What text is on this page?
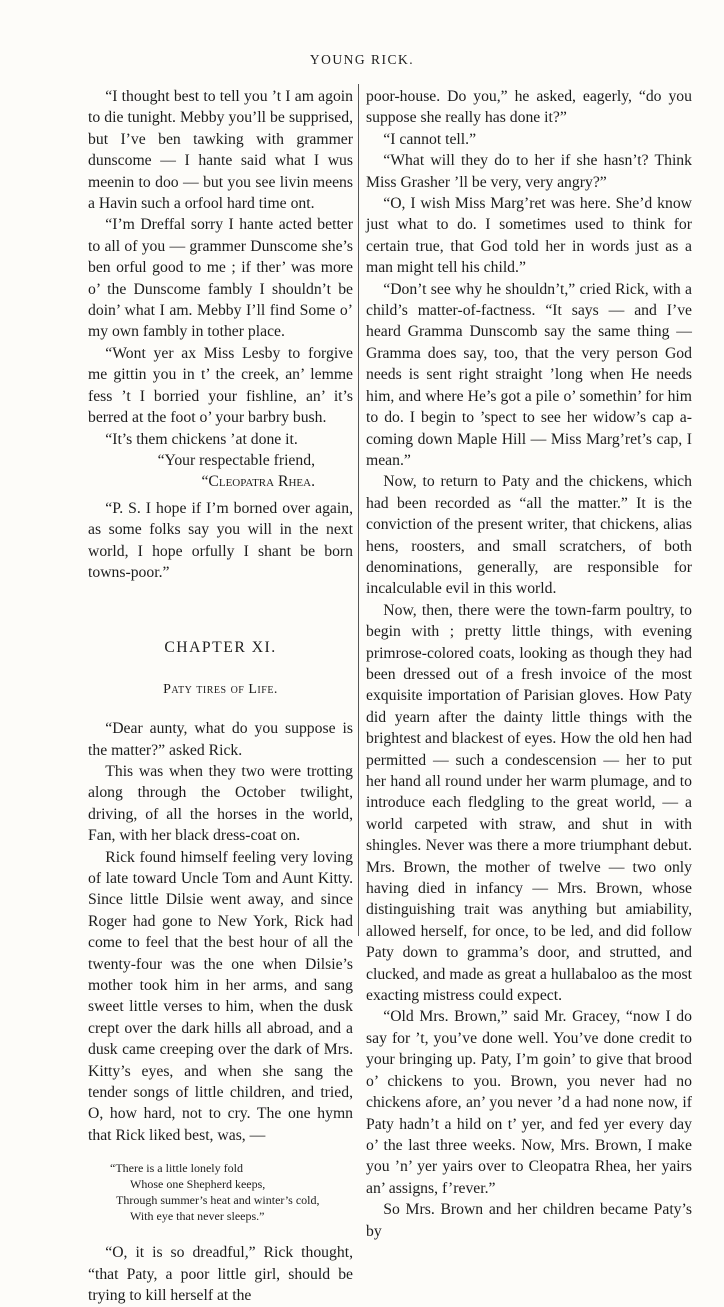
YOUNG RICK.

“I thought best to tell you ’t I am agoin to die tunight. Mebby you’ll be supprised, but I’ve ben tawking with grammer dunscome — I hante said what I wus meenin to doo — but you see livin meens a Havin such a orfool hard time ont.

“I’m Dreffal sorry I hante acted better to all of you — grammer Dunscome she’s ben orful good to me ; if ther’ was more o’ the Dunscome fambly I shouldn’t be doin’ what I am. Mebby I’ll find Some o’ my own fambly in tother place.

“Wont yer ax Miss Lesby to forgive me gittin you in t’ the creek, an’ lemme fess ’t I borried your fishline, an’ it’s berred at the foot o’ your barbry bush.

“It’s them chickens ’at done it.

“Your respectable friend,

“Cleopatra Rhea.

“P. S. I hope if I’m borned over again, as some folks say you will in the next world, I hope orfully I shant be born towns-poor.”

CHAPTER XI.

Paty tires of Life.

“Dear aunty, what do you suppose is the matter?” asked Rick.

This was when they two were trotting along through the October twilight, driving, of all the horses in the world, Fan, with her black dress-coat on.

Rick found himself feeling very loving of late toward Uncle Tom and Aunt Kitty. Since little Dilsie went away, and since Roger had gone to New York, Rick had come to feel that the best hour of all the twenty-four was the one when Dilsie’s mother took him in her arms, and sang sweet little verses to him, when the dusk crept over the dark hills all abroad, and a dusk came creeping over the dark of Mrs. Kitty’s eyes, and when she sang the tender songs of little children, and tried, O, how hard, not to cry. The one hymn that Rick liked best, was, —

“There is a little lonely fold

Whose one Shepherd keeps,

Through summer’s heat and winter’s cold,

With eye that never sleeps.”

“O, it is so dreadful,” Rick thought, “that Paty, a poor little girl, should be trying to kill herself at the

poor-house. Do you,” he asked, eagerly, “do you suppose she really has done it?”

“I cannot tell.”

“What will they do to her if she hasn’t? Think Miss Grasher ’ll be very, very angry?”

“O, I wish Miss Marg’ret was here. She’d know just what to do. I sometimes used to think for certain true, that God told her in words just as a man might tell his child.”

“Don’t see why he shouldn’t,” cried Rick, with a child’s matter-of-factness. “It says — and I’ve heard Gramma Dunscomb say the same thing — Gramma does say, too, that the very person God needs is sent right straight ’long when He needs him, and where He’s got a pile o’ somethin’ for him to do. I begin to ’spect to see her widow’s cap a-coming down Maple Hill — Miss Marg’ret’s cap, I mean.”

Now, to return to Paty and the chickens, which had been recorded as “all the matter.” It is the conviction of the present writer, that chickens, alias hens, roosters, and small scratchers, of both denominations, generally, are responsible for incalculable evil in this world.

Now, then, there were the town-farm poultry, to begin with ; pretty little things, with evening primrose-colored coats, looking as though they had been dressed out of a fresh invoice of the most exquisite importation of Parisian gloves. How Paty did yearn after the dainty little things with the brightest and blackest of eyes. How the old hen had permitted — such a condescension — her to put her hand all round under her warm plumage, and to introduce each fledgling to the great world, — a world carpeted with straw, and shut in with shingles. Never was there a more triumphant debut. Mrs. Brown, the mother of twelve — two only having died in infancy — Mrs. Brown, whose distinguishing trait was anything but amiability, allowed herself, for once, to be led, and did follow Paty down to gramma’s door, and strutted, and clucked, and made as great a hullabaloo as the most exacting mistress could expect.

“Old Mrs. Brown,” said Mr. Gracey, “now I do say for ’t, you’ve done well. You’ve done credit to your bringing up. Paty, I’m goin’ to give that brood o’ chickens to you. Brown, you never had no chickens afore, an’ you never ’d a had none now, if Paty hadn’t a hild on t’ yer, and fed yer every day o’ the last three weeks. Now, Mrs. Brown, I make you ’n’ yer yairs over to Cleopatra Rhea, her yairs an’ assigns, f’rever.”

So Mrs. Brown and her children became Paty’s by
